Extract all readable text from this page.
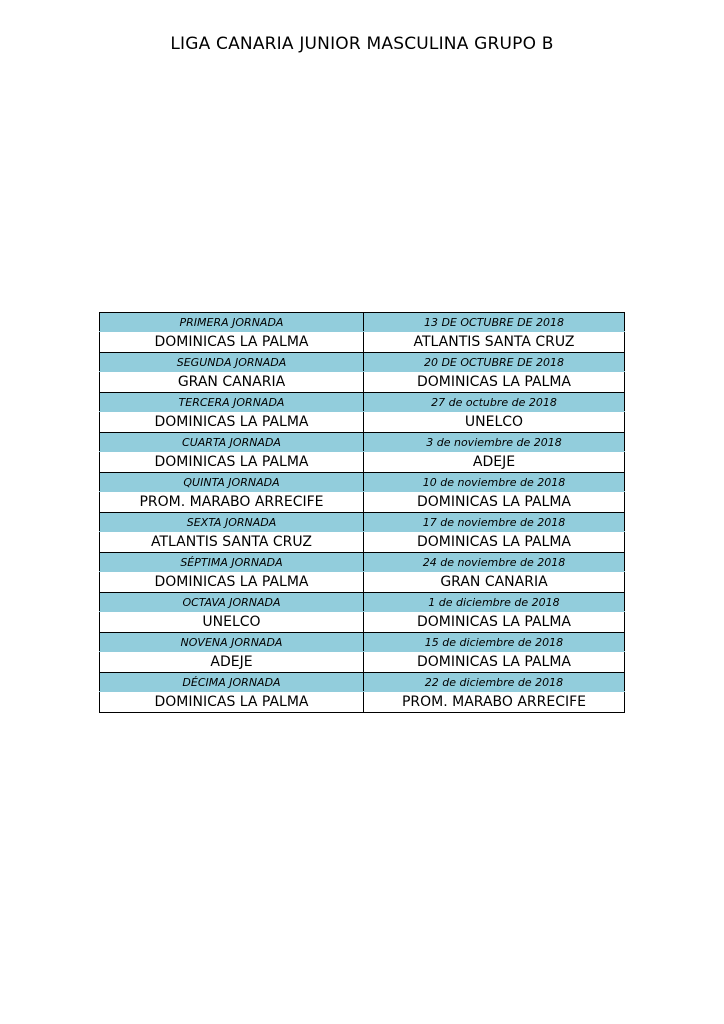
LIGA CANARIA JUNIOR MASCULINA GRUPO B
PRIMERA JORNADA	13 DE OCTUBRE DE 2018
DOMINICAS LA PALMA	ATLANTIS SANTA CRUZ
SEGUNDA JORNADA	20 DE OCTUBRE DE 2018
GRAN CANARIA	DOMINICAS LA PALMA
TERCERA JORNADA	27 de octubre de 2018
DOMINICAS LA PALMA	UNELCO
CUARTA JORNADA	3 de noviembre de 2018
DOMINICAS LA PALMA	ADEJE
QUINTA JORNADA	10 de noviembre de 2018
PROM. MARABO ARRECIFE	DOMINICAS LA PALMA
SEXTA JORNADA	17 de noviembre de 2018
ATLANTIS SANTA CRUZ	DOMINICAS LA PALMA
SÉPTIMA JORNADA	24 de noviembre de 2018
DOMINICAS LA PALMA	GRAN CANARIA
OCTAVA JORNADA	1 de diciembre de 2018
UNELCO	DOMINICAS LA PALMA
NOVENA JORNADA	15 de diciembre de 2018
ADEJE	DOMINICAS LA PALMA
DÉCIMA JORNADA	22 de diciembre de 2018
DOMINICAS LA PALMA	PROM. MARABO ARRECIFE
